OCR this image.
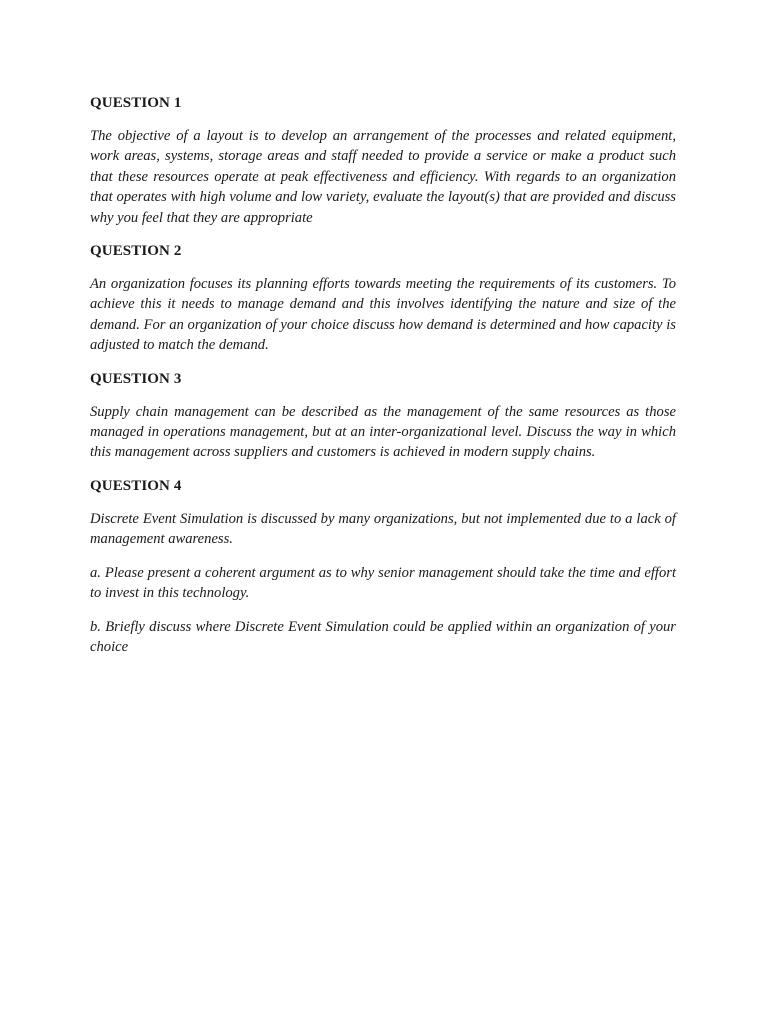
QUESTION 1

The objective of a layout is to develop an arrangement of the processes and related equipment, work areas, systems, storage areas and staff needed to provide a service or make a product such that these resources operate at peak effectiveness and efficiency. With regards to an organization that operates with high volume and low variety, evaluate the layout(s) that are provided and discuss why you feel that they are appropriate

QUESTION 2

An organization focuses its planning efforts towards meeting the requirements of its customers. To achieve this it needs to manage demand and this involves identifying the nature and size of the demand. For an organization of your choice discuss how demand is determined and how capacity is adjusted to match the demand.

QUESTION 3

Supply chain management can be described as the management of the same resources as those managed in operations management, but at an inter-organizational level. Discuss the way in which this management across suppliers and customers is achieved in modern supply chains.

QUESTION 4

Discrete Event Simulation is discussed by many organizations, but not implemented due to a lack of management awareness.

a. Please present a coherent argument as to why senior management should take the time and effort to invest in this technology.

b. Briefly discuss where Discrete Event Simulation could be applied within an organization of your choice
